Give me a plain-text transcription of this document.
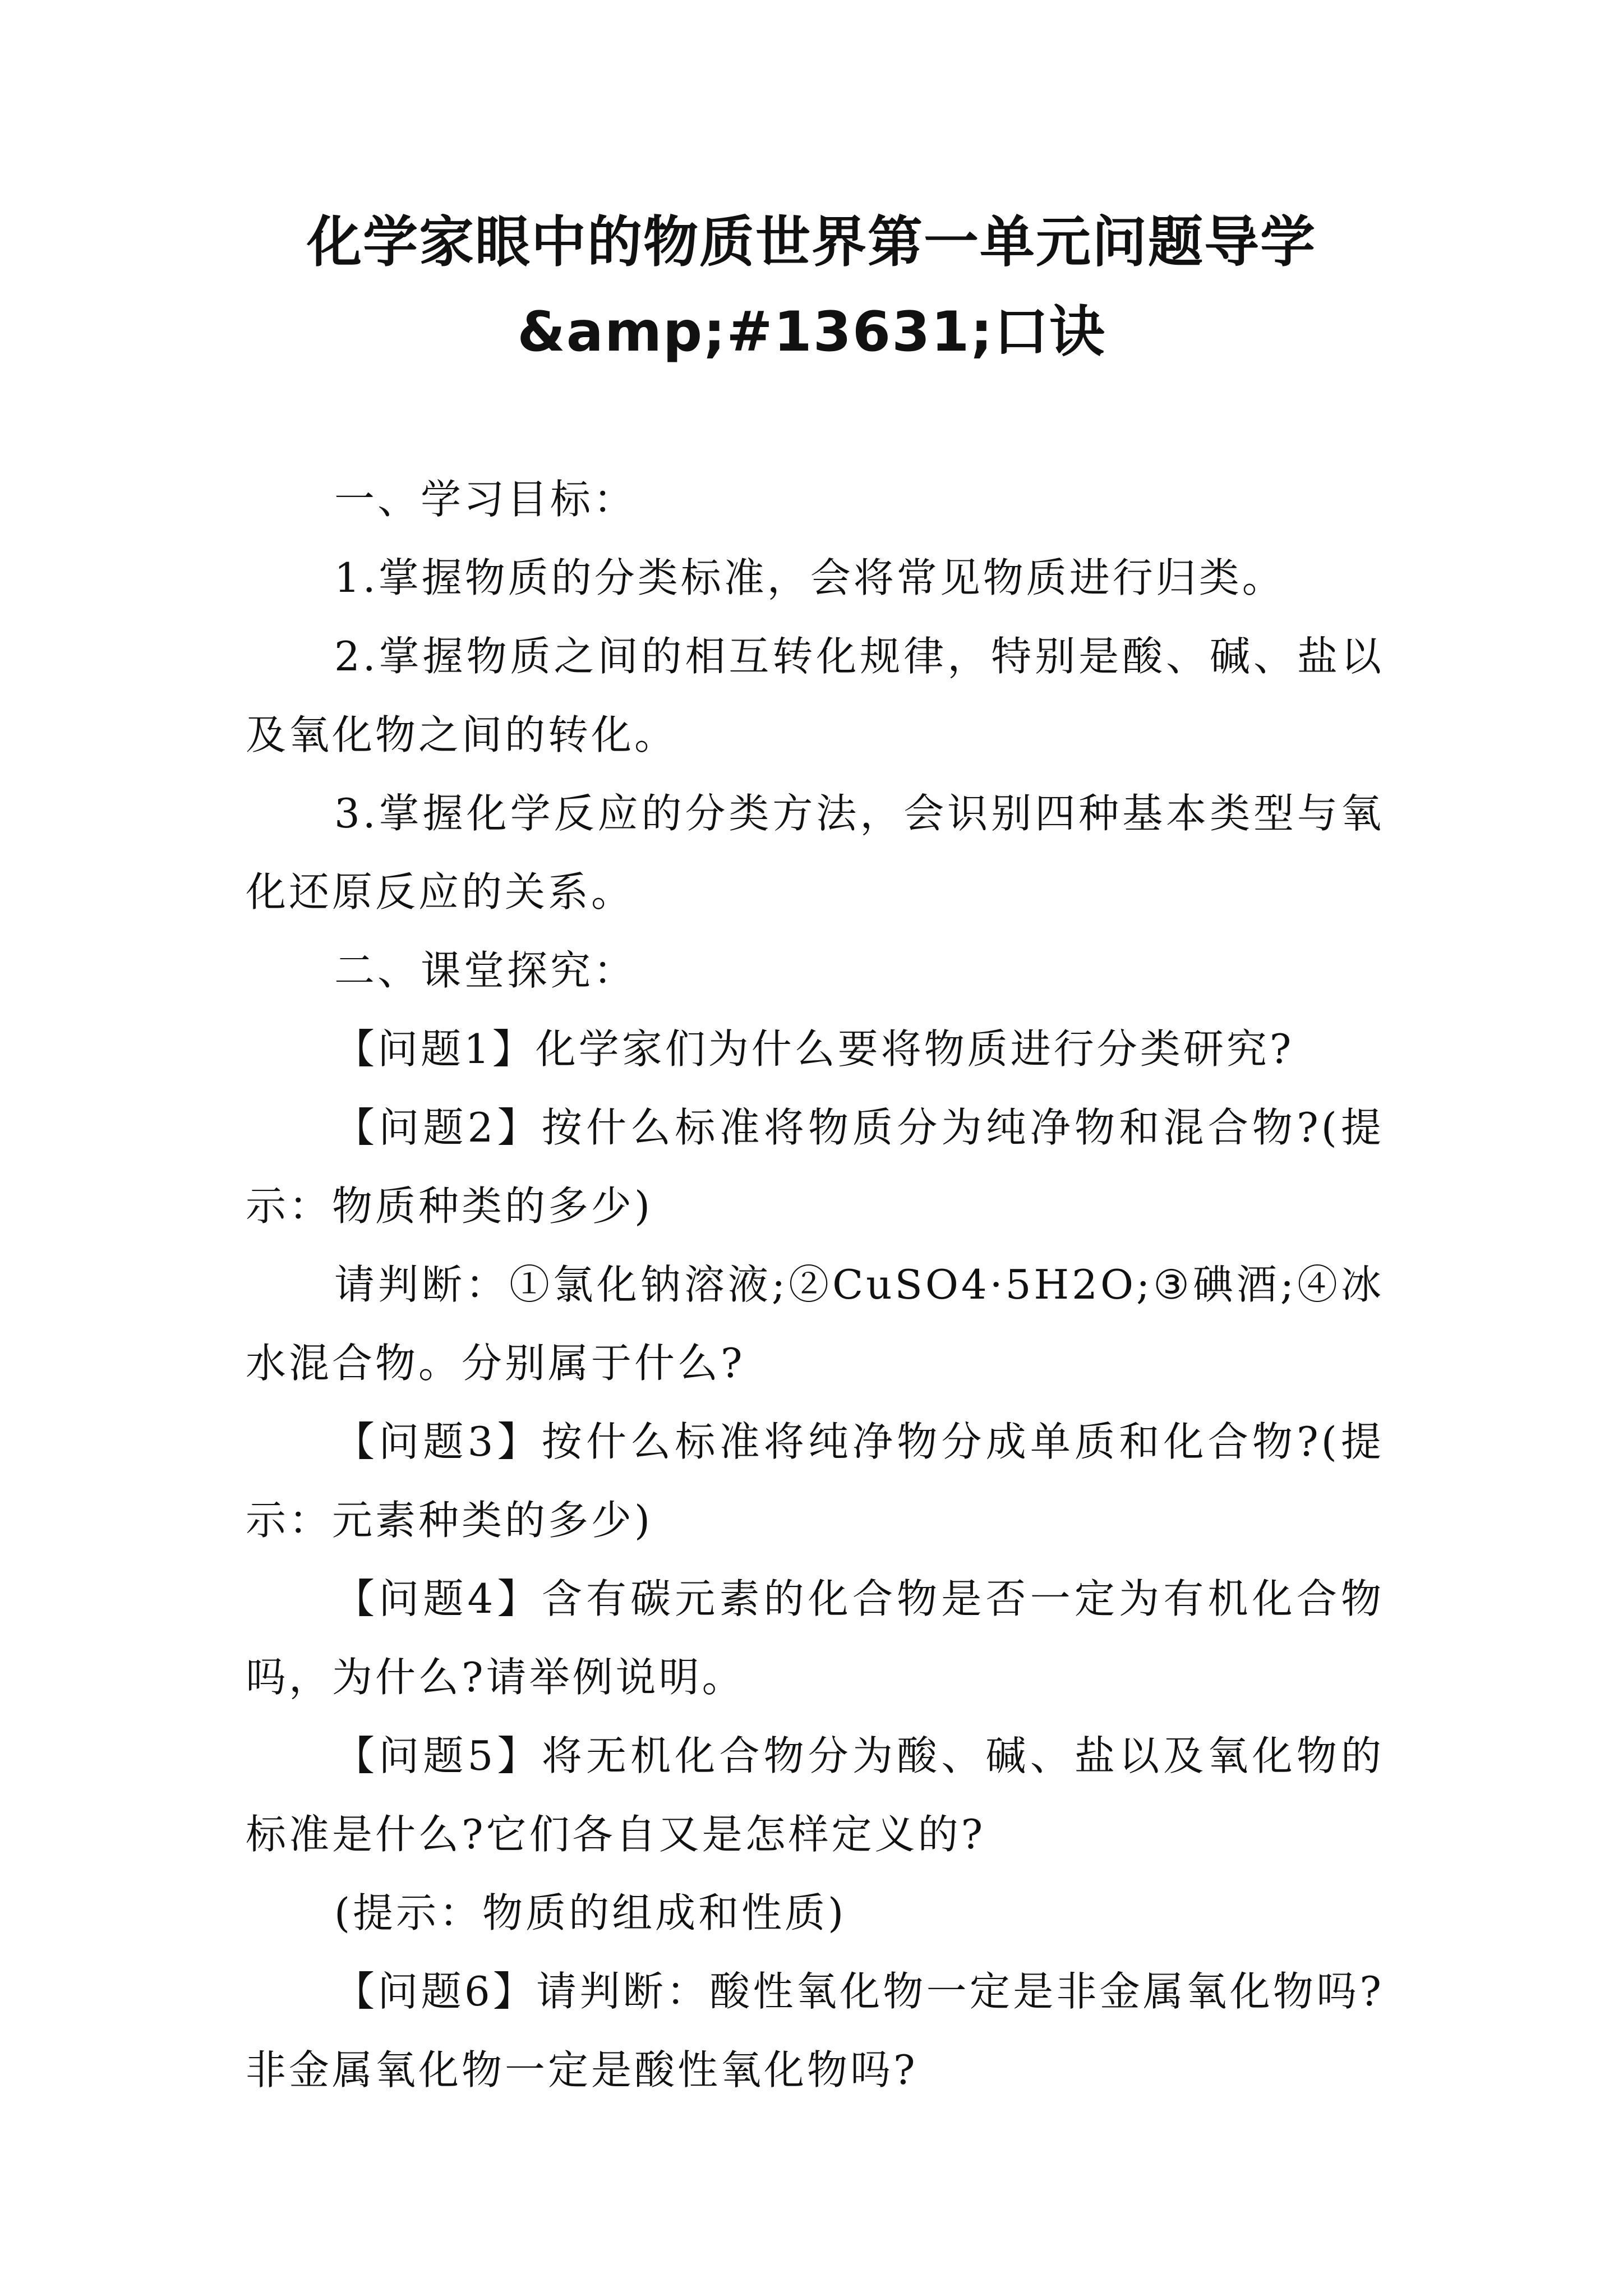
化学家眼中的物质世界第一单元问题导学
&amp;#13631;口诀

一、学习目标：

1.掌握物质的分类标准，会将常见物质进行归类。

2.掌握物质之间的相互转化规律，特别是酸、碱、盐以及氧化物之间的转化。

3.掌握化学反应的分类方法，会识别四种基本类型与氧化还原反应的关系。

二、课堂探究：

【问题1】化学家们为什么要将物质进行分类研究?

【问题2】按什么标准将物质分为纯净物和混合物?(提示：物质种类的多少)

请判断：①氯化钠溶液;②CuSO4·5H2O;③碘酒;④冰水混合物。分别属于什么?

【问题3】按什么标准将纯净物分成单质和化合物?(提示：元素种类的多少)

【问题4】含有碳元素的化合物是否一定为有机化合物吗，为什么?请举例说明。

【问题5】将无机化合物分为酸、碱、盐以及氧化物的标准是什么?它们各自又是怎样定义的?

(提示：物质的组成和性质)

【问题6】请判断：酸性氧化物一定是非金属氧化物吗?非金属氧化物一定是酸性氧化物吗?
